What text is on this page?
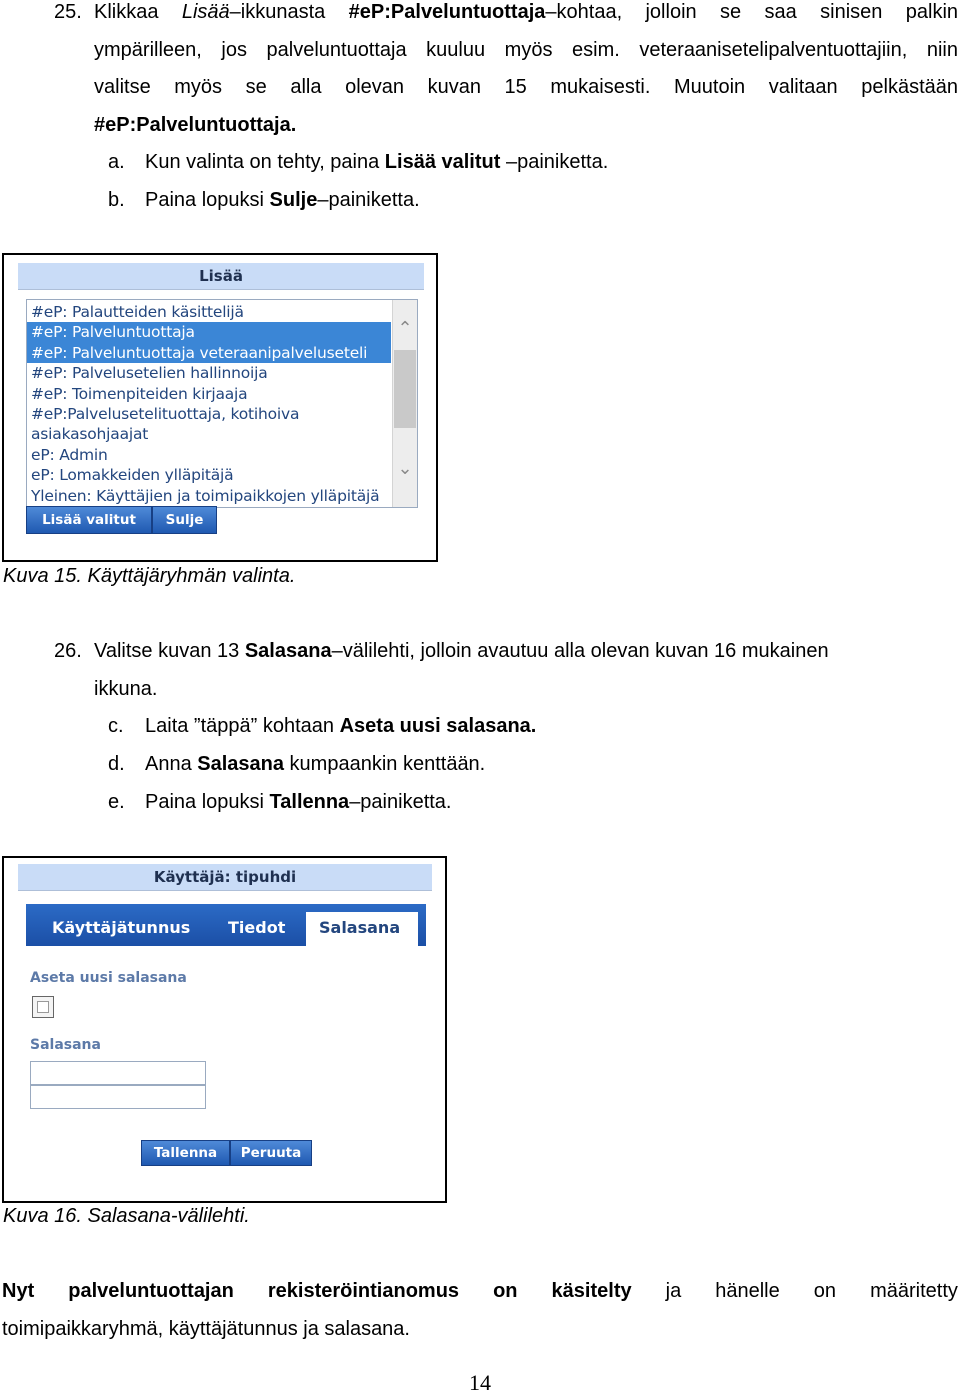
25. Klikkaa Lisää–ikkunasta #eP:Palveluntuottaja–kohtaa, jolloin se saa sinisen palkin
ympärilleen, jos palveluntuottaja kuuluu myös esim. veteraanisetelipalventuottajiin, niin
valitse myös se alla olevan kuvan 15 mukaisesti. Muutoin valitaan pelkästään
#eP:Palveluntuottaja.
a. Kun valinta on tehty, paina Lisää valitut –painiketta.
b. Paina lopuksi Sulje–painiketta.
Lisää
#eP: Palautteiden käsittelijä
#eP: Palveluntuottaja
#eP: Palveluntuottaja veteraanipalveluseteli
#eP: Palvelusetelien hallinnoija
#eP: Toimenpiteiden kirjaaja
#eP:Palvelusetelituottaja, kotihoiva
asiakasohjaajat
eP: Admin
eP: Lomakkeiden ylläpitäjä
Yleinen: Käyttäjien ja toimipaikkojen ylläpitäjä
⌃
⌄
Lisää valitut	Sulje
Kuva 15. Käyttäjäryhmän valinta.
26. Valitse kuvan 13 Salasana–välilehti, jolloin avautuu alla olevan kuvan 16 mukainen
ikkuna.
c. Laita ”täppä” kohtaan Aseta uusi salasana.
d. Anna Salasana kumpaankin kenttään.
e. Paina lopuksi Tallenna–painiketta.
Käyttäjä: tipuhdi
Käyttäjätunnus Tiedot	Salasana
Aseta uusi salasana
Salasana
Tallenna	Peruuta
Kuva 16. Salasana-välilehti.
Nyt palveluntuottajan rekisteröintianomus on käsitelty ja hänelle on määritetty
toimipaikkaryhmä, käyttäjätunnus ja salasana.
14
